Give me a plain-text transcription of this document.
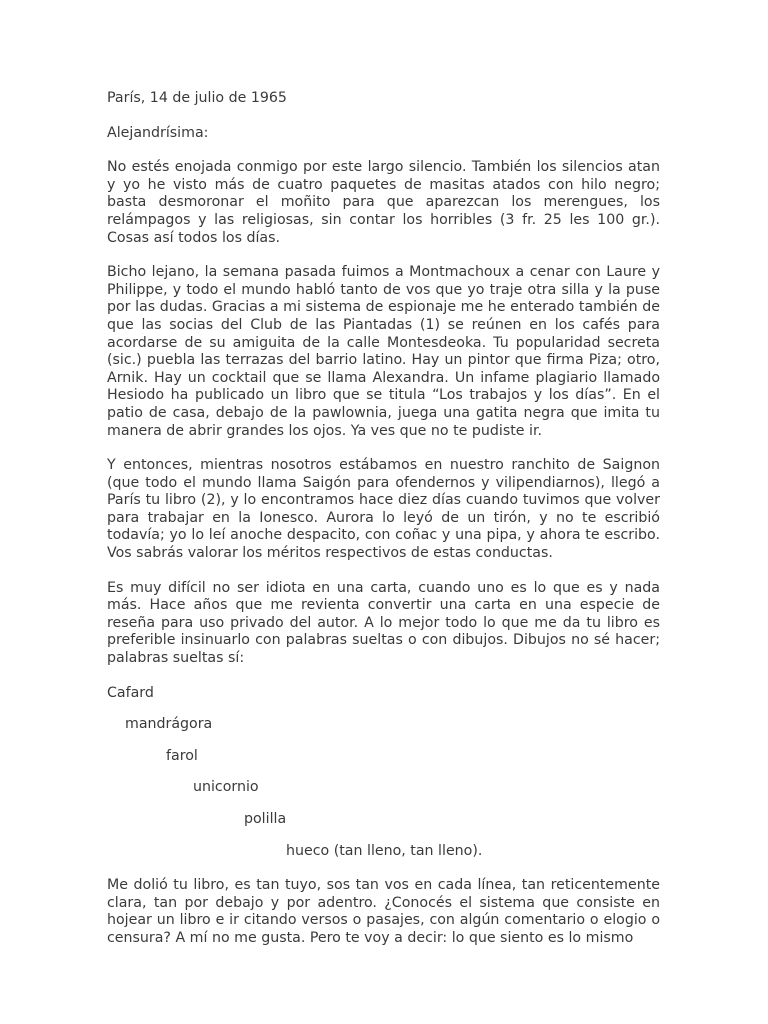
París, 14 de julio de 1965
Alejandrísima:

No estés enojada conmigo por este largo silencio. También los silencios atan y yo he visto más de cuatro paquetes de masitas atados con hilo negro; basta desmoronar el moñito para que aparezcan los merengues, los relámpagos y las religiosas, sin contar los horribles (3 fr. 25 les 100 gr.). Cosas así todos los días.

Bicho lejano, la semana pasada fuimos a Montmachoux a cenar con Laure y Philippe, y todo el mundo habló tanto de vos que yo traje otra silla y la puse por las dudas. Gracias a mi sistema de espionaje me he enterado también de que las socias del Club de las Piantadas (1) se reúnen en los cafés para acordarse de su amiguita de la calle Montesdeoka. Tu popularidad secreta (sic.) puebla las terrazas del barrio latino. Hay un pintor que firma Piza; otro, Arnik. Hay un cocktail que se llama Alexandra. Un infame plagiario llamado Hesiodo ha publicado un libro que se titula “Los trabajos y los días”. En el patio de casa, debajo de la pawlownia, juega una gatita negra que imita tu manera de abrir grandes los ojos. Ya ves que no te pudiste ir.

Y entonces, mientras nosotros estábamos en nuestro ranchito de Saignon (que todo el mundo llama Saigón para ofendernos y vilipendiarnos), llegó a París tu libro (2), y lo encontramos hace diez días cuando tuvimos que volver para trabajar en la Ionesco. Aurora lo leyó de un tirón, y no te escribió todavía; yo lo leí anoche despacito, con coñac y una pipa, y ahora te escribo. Vos sabrás valorar los méritos respectivos de estas conductas.

Es muy difícil no ser idiota en una carta, cuando uno es lo que es y nada más. Hace años que me revienta convertir una carta en una especie de reseña para uso privado del autor. A lo mejor todo lo que me da tu libro es preferible insinuarlo con palabras sueltas o con dibujos. Dibujos no sé hacer; palabras sueltas sí:

Cafard
mandrágora
farol
unicornio
polilla
hueco (tan lleno, tan lleno).

Me dolió tu libro, es tan tuyo, sos tan vos en cada línea, tan reticentemente clara, tan por debajo y por adentro. ¿Conocés el sistema que consiste en hojear un libro e ir citando versos o pasajes, con algún comentario o elogio o censura? A mí no me gusta. Pero te voy a decir: lo que siento es lo mismo
